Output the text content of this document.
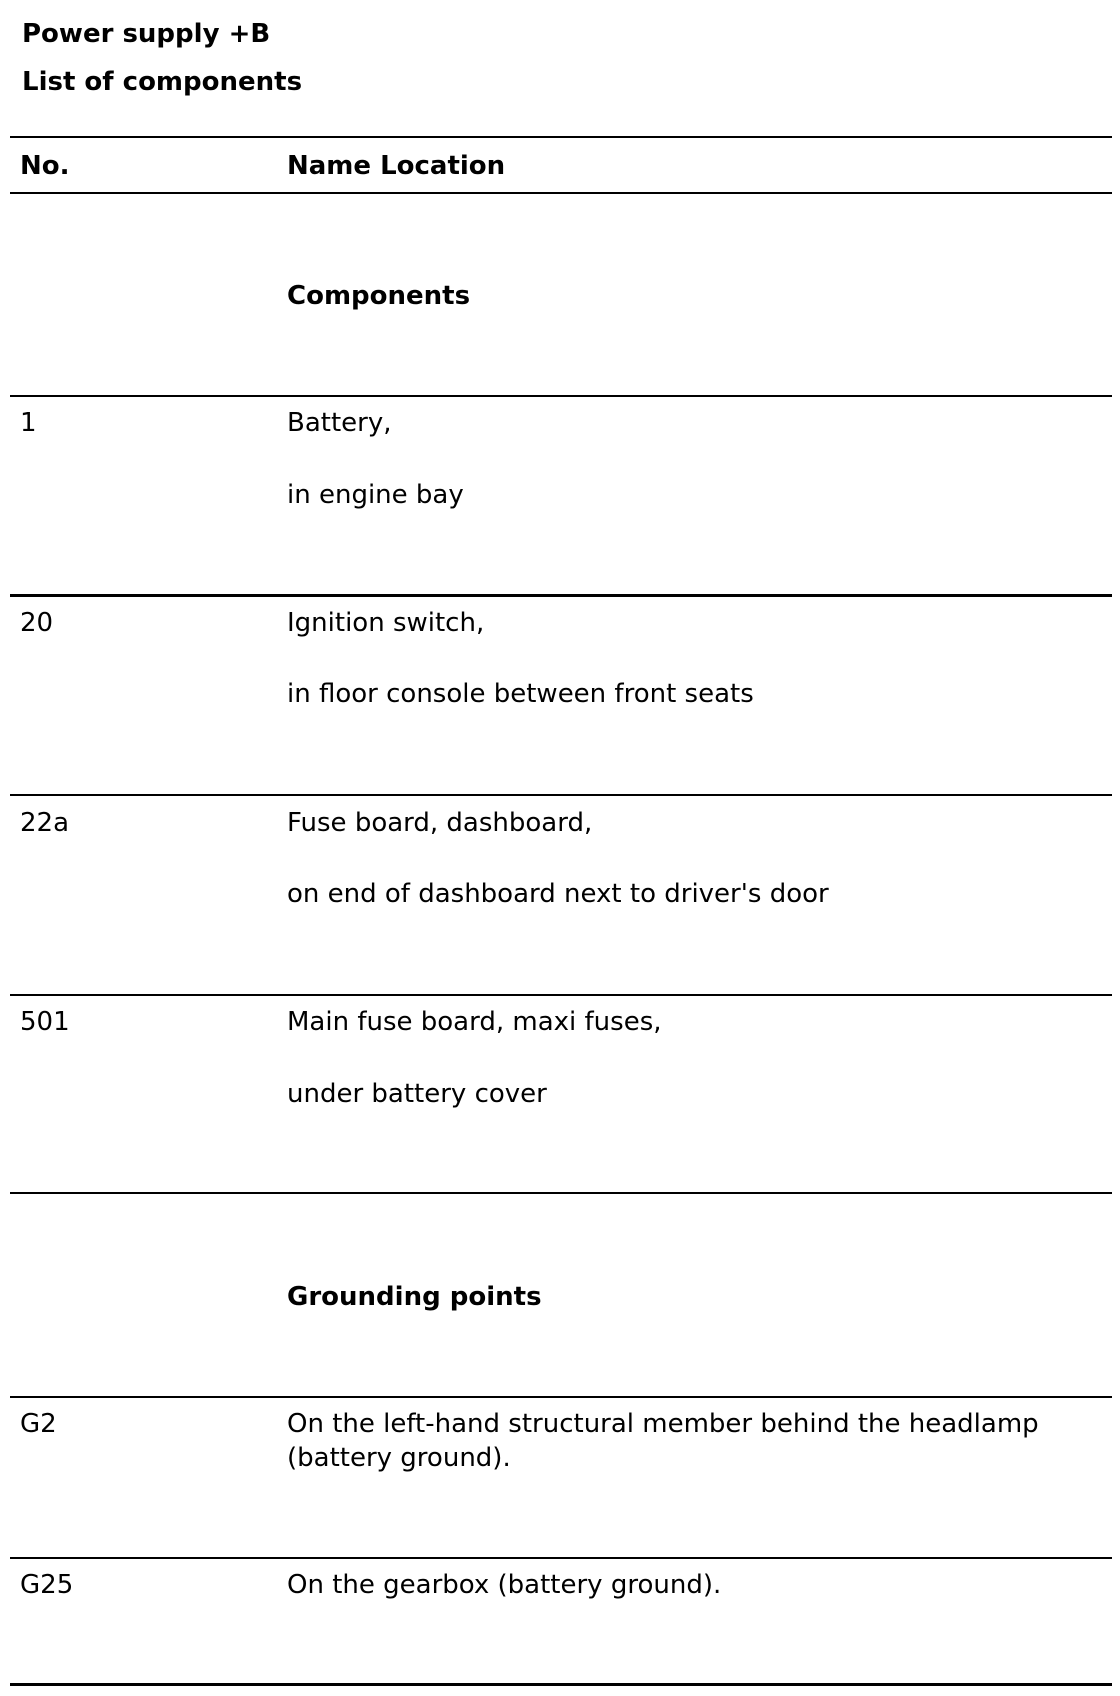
Power supply +B
List of components
No.	Name Location
Components
1	Battery,
in engine bay
20	Ignition switch,
in floor console between front seats
22a	Fuse board, dashboard,
on end of dashboard next to driver's door
501	Main fuse board, maxi fuses,
under battery cover
Grounding points
G2	On the left-hand structural member behind the headlamp (battery ground).
G25	On the gearbox (battery ground).
